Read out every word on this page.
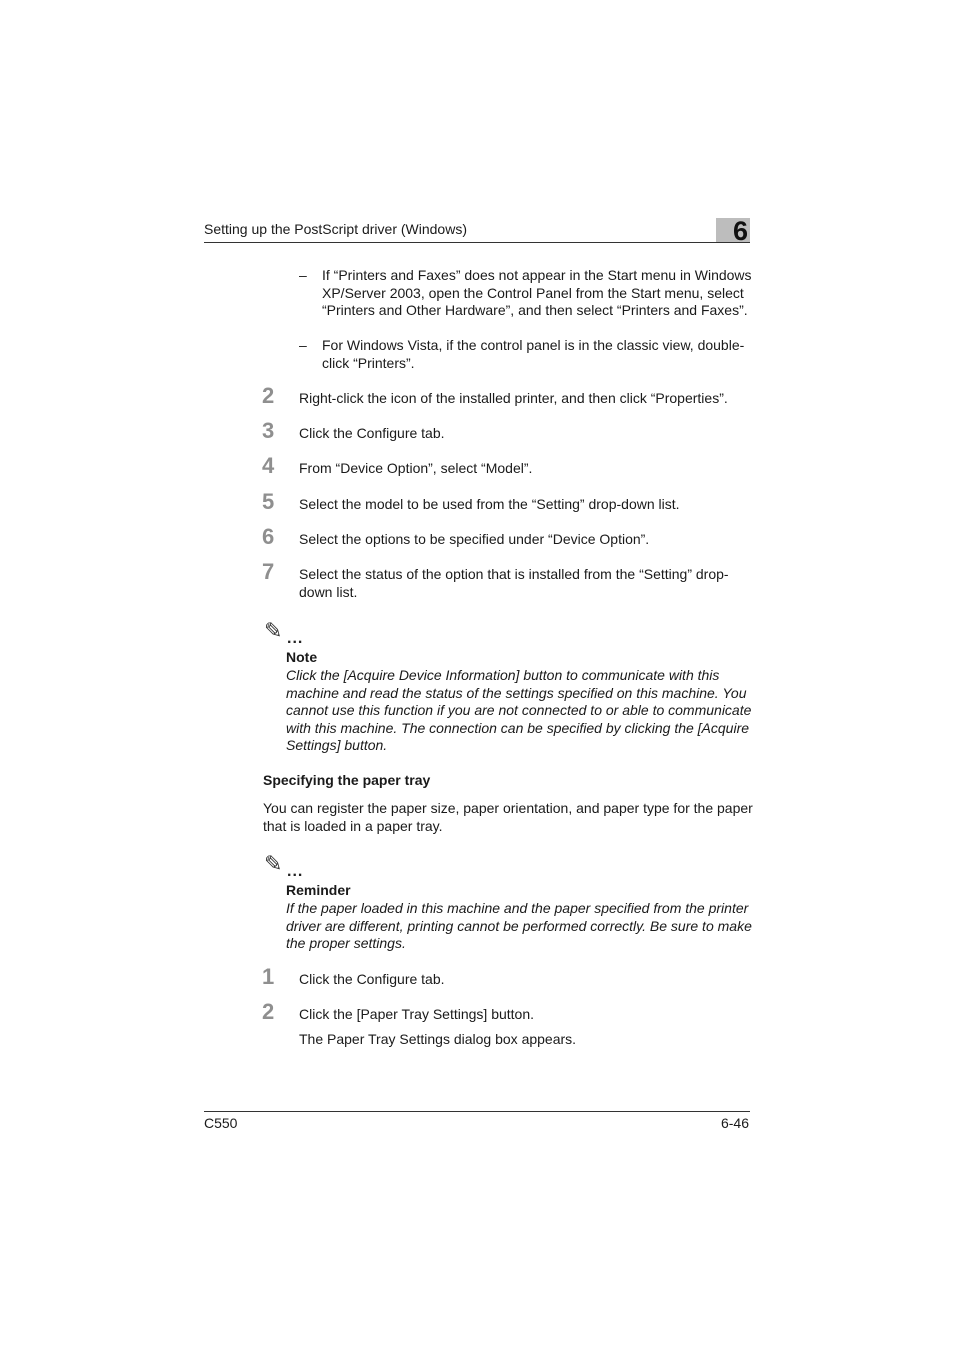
Setting up the PostScript driver (Windows)	6
– If “Printers and Faxes” does not appear in the Start menu in Windows XP/Server 2003, open the Control Panel from the Start menu, select “Printers and Other Hardware”, and then select “Printers and Faxes”.
– For Windows Vista, if the control panel is in the classic view, double-click “Printers”.
2 Right-click the icon of the installed printer, and then click “Properties”.
3 Click the Configure tab.
4 From “Device Option”, select “Model”.
5 Select the model to be used from the “Setting” drop-down list.
6 Select the options to be specified under “Device Option”.
7 Select the status of the option that is installed from the “Setting” drop-down list.
✎ ...
Note
Click the [Acquire Device Information] button to communicate with this machine and read the status of the settings specified on this machine. You cannot use this function if you are not connected to or able to communicate with this machine. The connection can be specified by clicking the [Acquire Settings] button.
Specifying the paper tray
You can register the paper size, paper orientation, and paper type for the paper that is loaded in a paper tray.
✎ ...
Reminder
If the paper loaded in this machine and the paper specified from the printer driver are different, printing cannot be performed correctly. Be sure to make the proper settings.
1 Click the Configure tab.
2 Click the [Paper Tray Settings] button.
The Paper Tray Settings dialog box appears.
C550	6-46
